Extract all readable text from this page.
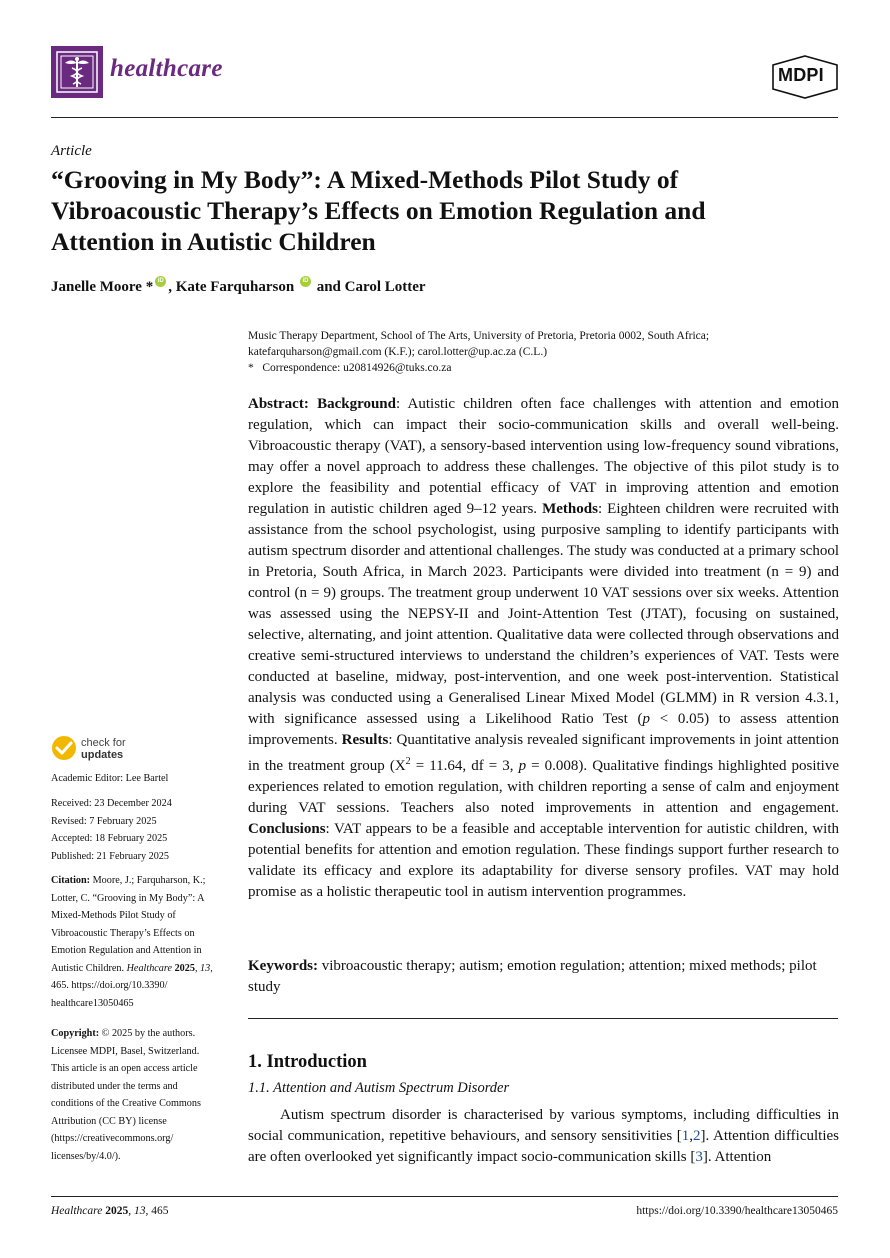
healthcare	MDPI
Article
“Grooving in My Body”: A Mixed-Methods Pilot Study of
Vibroacoustic Therapy’s Effects on Emotion Regulation and
Attention in Autistic Children
Janelle Moore * iD , Kate Farquharson	iD and Carol Lotter
Music Therapy Department, School of The Arts, University of Pretoria, Pretoria 0002, South Africa;
katefarquharson@gmail.com (K.F.); carol.lotter@up.ac.za (C.L.)
* Correspondence: u20814926@tuks.co.za

Abstract: Background: Autistic children often face challenges with attention and emotion regulation, which can impact their socio-communication skills and overall well-being. Vibroacoustic therapy (VAT), a sensory-based intervention using low-frequency sound vibrations, may offer a novel approach to address these challenges. The objective of this pilot study is to explore the feasibility and potential efficacy of VAT in improving attention and emotion regulation in autistic children aged 9–12 years. Methods: Eighteen children were recruited with assistance from the school psychologist, using purposive sampling to identify participants with autism spectrum disorder and attentional challenges. The study was conducted at a primary school in Pretoria, South Africa, in March 2023. Participants were divided into treatment (n = 9) and control (n = 9) groups. The treatment group underwent 10 VAT sessions over six weeks. Attention was assessed using the NEPSY-II and Joint-Attention Test (JTAT), focusing on sustained, selective, alternating, and joint attention. Qualitative data were collected through observations and creative semi-structured interviews to understand the children’s experiences of VAT. Tests were conducted at baseline, midway, post-intervention, and one week post-intervention. Statistical analysis was conducted using a Generalised Linear Mixed Model (GLMM) in R version 4.3.1, with significance assessed using a Likelihood Ratio Test (p < 0.05) to assess attention improvements. Results: Quantitative analysis revealed significant improvements in joint attention in the treatment group ($X^2 = 11.64$, df = 3, p = 0.008). Qualitative findings highlighted positive experiences related to emotion regulation, with children reporting a sense of calm and enjoyment during VAT sessions. Teachers also noted improvements in attention and engagement. Conclusions: VAT appears to be a feasible and acceptable intervention for autistic children, with potential benefits for attention and emotion regulation. These findings support further research to validate its efficacy and explore its adaptability for diverse sensory profiles. VAT may hold promise as a holistic therapeutic tool in autism intervention programmes.

Keywords: vibroacoustic therapy; autism; emotion regulation; attention; mixed methods; pilot study
1. Introduction
1.1. Attention and Autism Spectrum Disorder

Autism spectrum disorder is characterised by various symptoms, including difficulties in social communication, repetitive behaviours, and sensory sensitivities [1,2]. Attention difficulties are often overlooked yet significantly impact socio-communication skills [3]. Attention

check for
updates
Academic Editor: Lee Bartel
Received: 23 December 2024
Revised: 7 February 2025
Accepted: 18 February 2025
Published: 21 February 2025
Citation: Moore, J.; Farquharson, K.;
Lotter, C. “Grooving in My Body”: A
Mixed-Methods Pilot Study of
Vibroacoustic Therapy’s Effects on
Emotion Regulation and Attention in
Autistic Children. Healthcare 2025, 13,
465. https://doi.org/10.3390/
healthcare13050465
Copyright: © 2025 by the authors.
Licensee MDPI, Basel, Switzerland.
This article is an open access article
distributed under the terms and
conditions of the Creative Commons
Attribution (CC BY) license
(https://creativecommons.org/
licenses/by/4.0/).
Healthcare 2025, 13, 465	https://doi.org/10.3390/healthcare13050465
